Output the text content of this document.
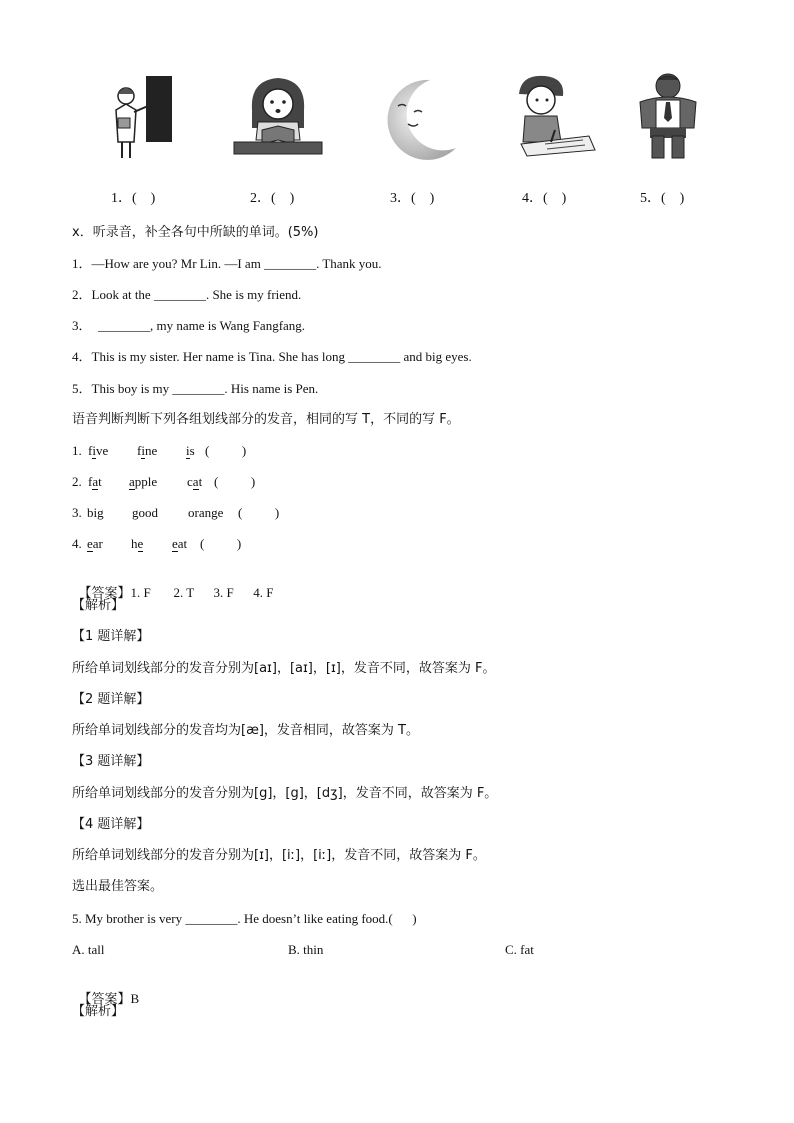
1．(    )	2．(    )	3．(    )	4．(    )	5．(    )
x．听录音，补全各句中所缺的单词。(5%)
1．—How are you? Mr Lin. —I am ________. Thank you.
2．Look at the ________. She is my friend.
3．  ________, my name is Wang Fangfang.
4．This is my sister. Her name is Tina. She has long ________ and big eyes.
5．This boy is my ________. His name is Pen.
语音判断判断下列各组划线部分的发音，相同的写 T，不同的写 F。
1. five fine is (          )
2. fat apple cat (          )
3. big good orange (          )
4. ear he eat (          )

【答案】1. F       2. T      3. F      4. F

【解析】
【1 题详解】
所给单词划线部分的发音分别为[aɪ]，[aɪ]，[ɪ]，发音不同，故答案为 F。
【2 题详解】
所给单词划线部分的发音均为[æ]，发音相同，故答案为 T。
【3 题详解】
所给单词划线部分的发音分别为[g]，[g]，[dʒ]，发音不同，故答案为 F。
【4 题详解】
所给单词划线部分的发音分别为[ɪ]，[iː]，[iː]，发音不同，故答案为 F。
选出最佳答案。
5. My brother is very ________. He doesn’t like eating food.(      )
A. tall	B. thin	C. fat

【答案】B

【解析】
